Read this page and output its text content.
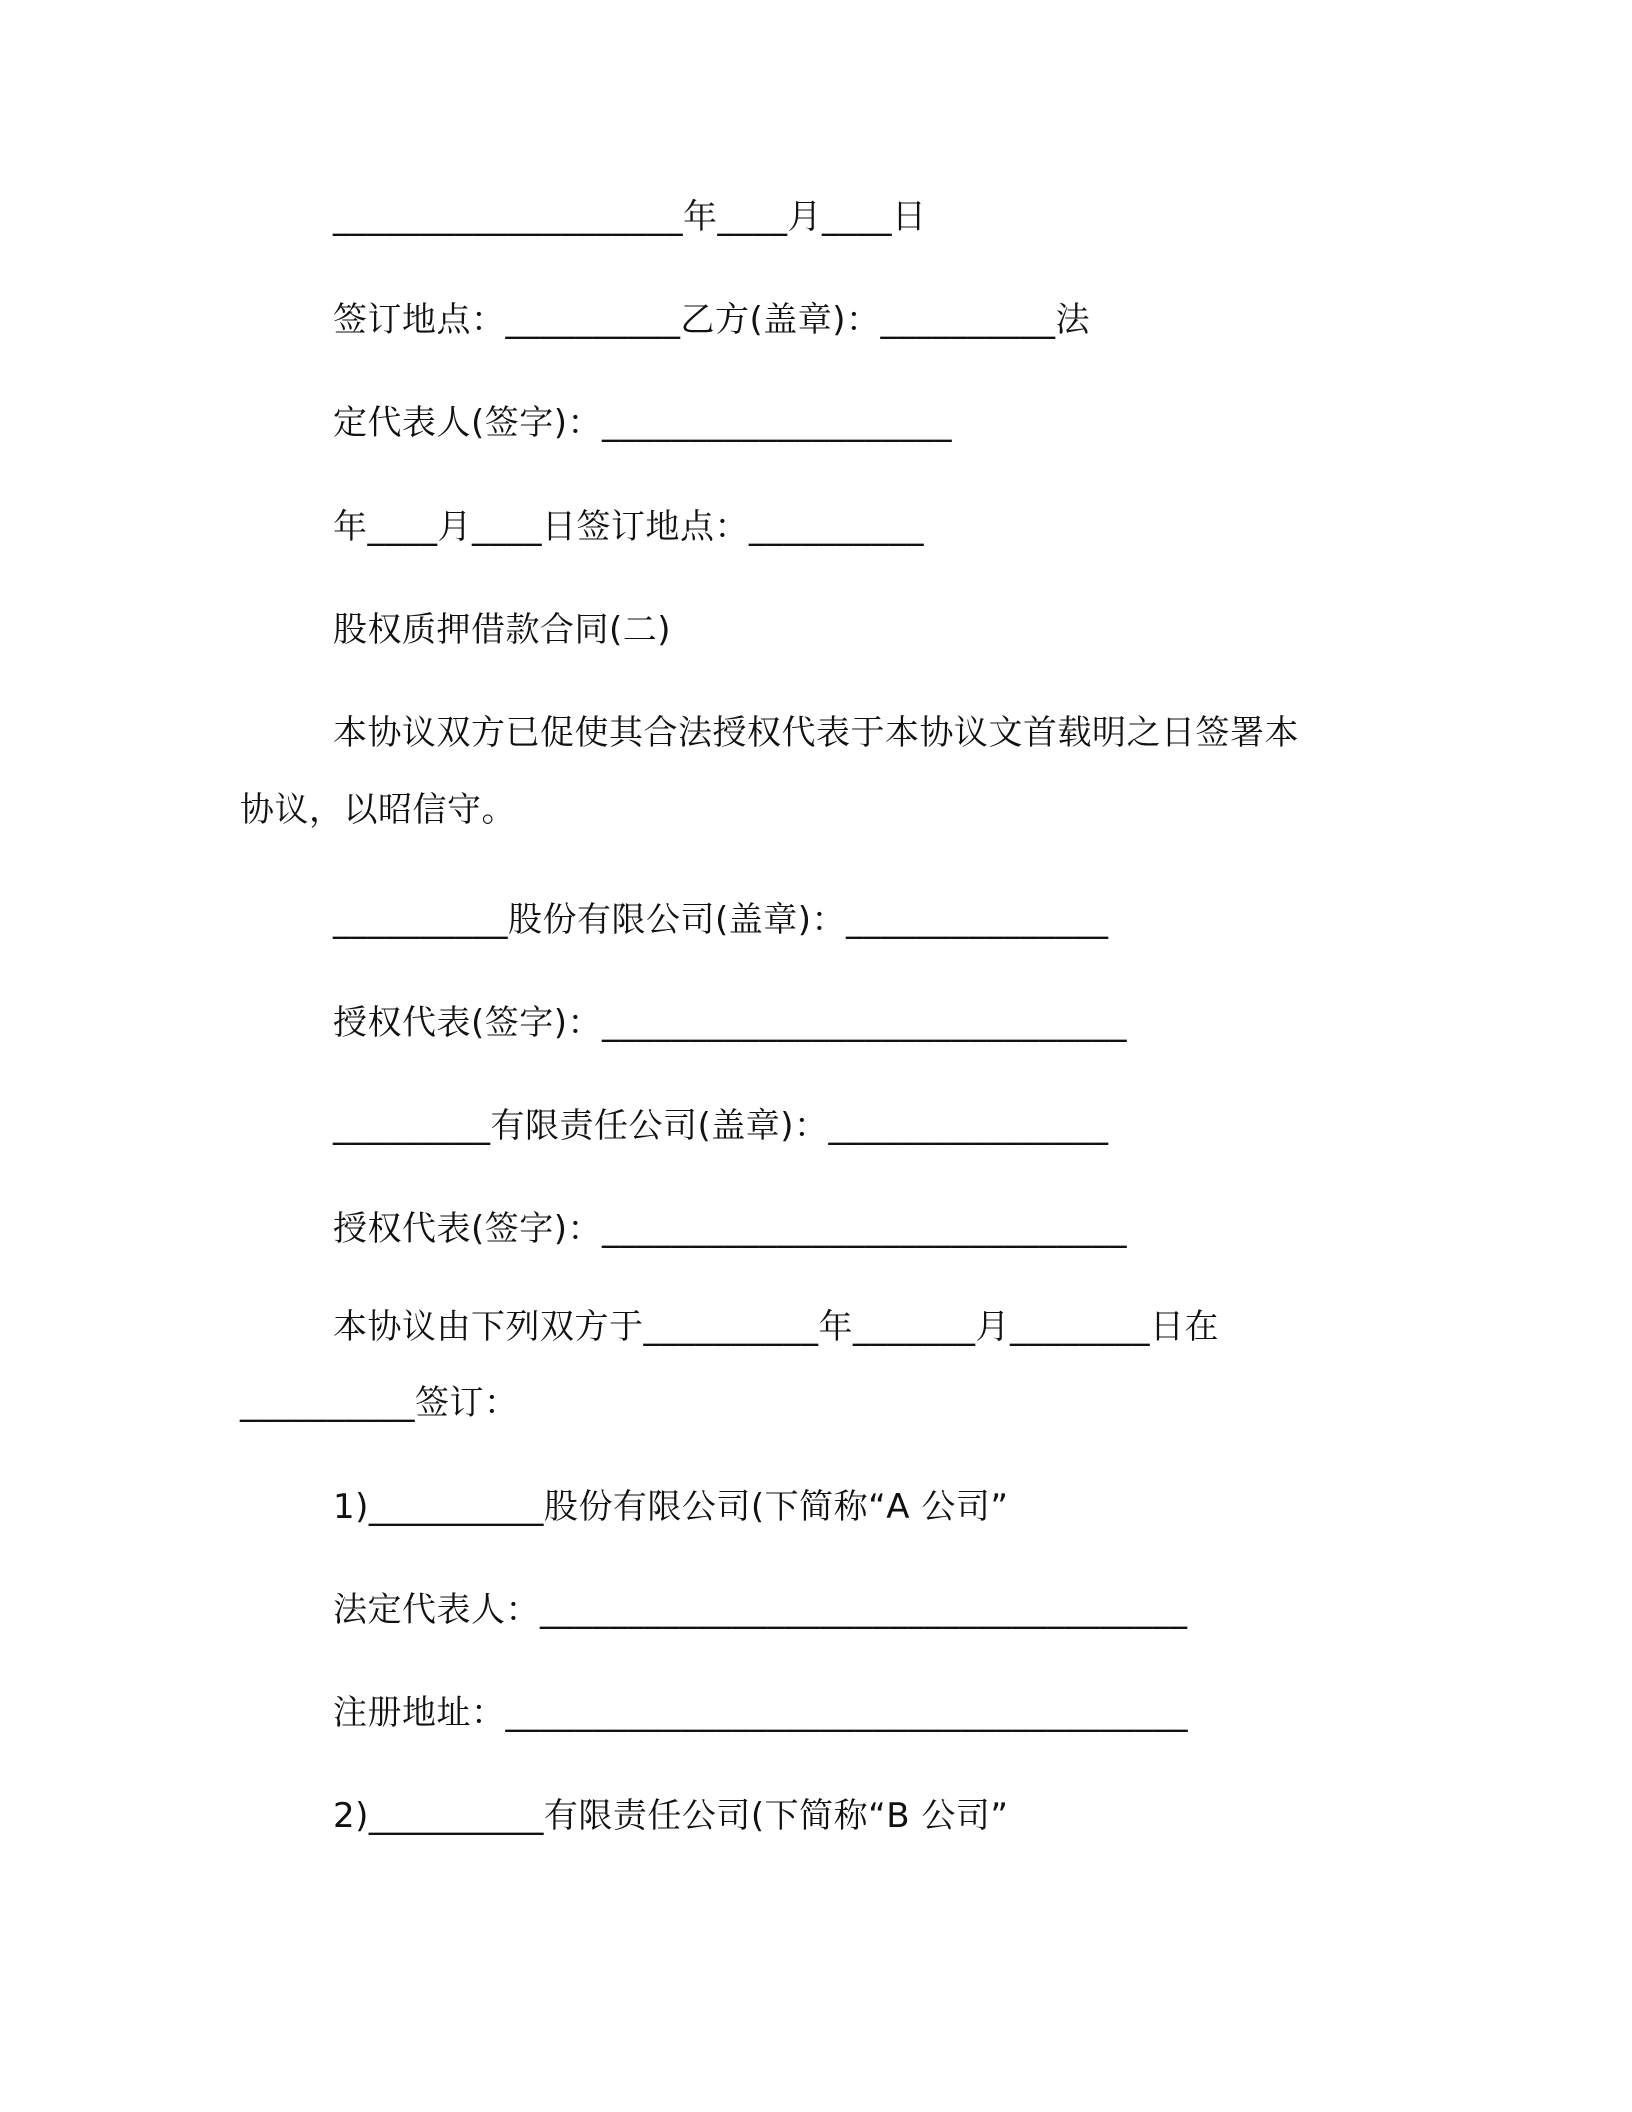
____________________年____月____日
签订地点：__________乙方(盖章)：__________法
定代表人(签字)：____________________
年____月____日签订地点：__________
股权质押借款合同(二)
本协议双方已促使其合法授权代表于本协议文首载明之日签署本
协议，以昭信守。
__________股份有限公司(盖章)：_______________
授权代表(签字)：______________________________
_________有限责任公司(盖章)：________________
授权代表(签字)：______________________________
本协议由下列双方于__________年_______月________日在
__________签订：
1)__________股份有限公司(下简称“A 公司”
法定代表人：_____________________________________
注册地址：_______________________________________
2)__________有限责任公司(下简称“B 公司”
